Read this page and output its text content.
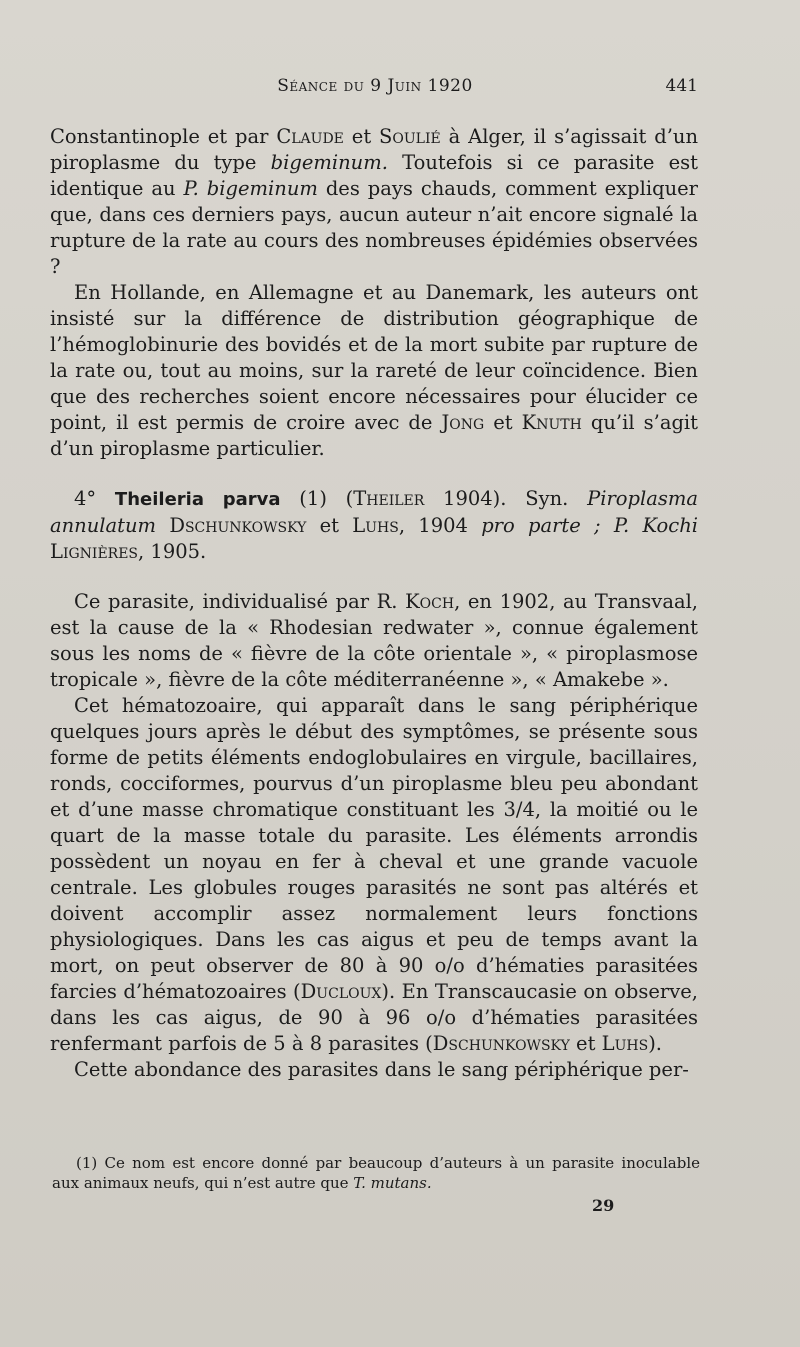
Séance du 9 Juin 1920	441

Constantinople et par Claude et Soulié à Alger, il s’agissait d’un piroplasme du type bigeminum. Toutefois si ce parasite est identique au P. bigeminum des pays chauds, comment expliquer que, dans ces derniers pays, aucun auteur n’ait encore signalé la rupture de la rate au cours des nombreuses épidémies observées ?

En Hollande, en Allemagne et au Danemark, les auteurs ont insisté sur la différence de distribution géographique de l’hémoglobinurie des bovidés et de la mort subite par rupture de la rate ou, tout au moins, sur la rareté de leur coïncidence. Bien que des recherches soient encore nécessaires pour élucider ce point, il est permis de croire avec de Jong et Knuth qu’il s’agit d’un piroplasme particulier.

4° Theileria parva (1) (Theiler 1904). Syn. Piroplasma annulatum Dschunkowsky et Luhs, 1904 pro parte ; P. Kochi Lignières, 1905.

Ce parasite, individualisé par R. Koch, en 1902, au Transvaal, est la cause de la « Rhodesian redwater », connue également sous les noms de « fièvre de la côte orientale », « piroplasmose tropicale », fièvre de la côte méditerranéenne », « Amakebe ».

Cet hématozoaire, qui apparaît dans le sang périphérique quelques jours après le début des symptômes, se présente sous forme de petits éléments endoglobulaires en virgule, bacillaires, ronds, cocciformes, pourvus d’un piroplasme bleu peu abondant et d’une masse chromatique constituant les 3/4, la moitié ou le quart de la masse totale du parasite. Les éléments arrondis possèdent un noyau en fer à cheval et une grande vacuole centrale. Les globules rouges parasités ne sont pas altérés et doivent accomplir assez normalement leurs fonctions physiologiques. Dans les cas aigus et peu de temps avant la mort, on peut observer de 80 à 90 o/o d’hématies parasitées farcies d’hématozoaires (Ducloux). En Transcaucasie on observe, dans les cas aigus, de 90 à 96 o/o d’hématies parasitées renfermant parfois de 5 à 8 parasites (Dschunkowsky et Luhs).

Cette abondance des parasites dans le sang périphérique per-

(1) Ce nom est encore donné par beaucoup d’auteurs à un parasite inoculable aux animaux neufs, qui n’est autre que T. mutans.

29
